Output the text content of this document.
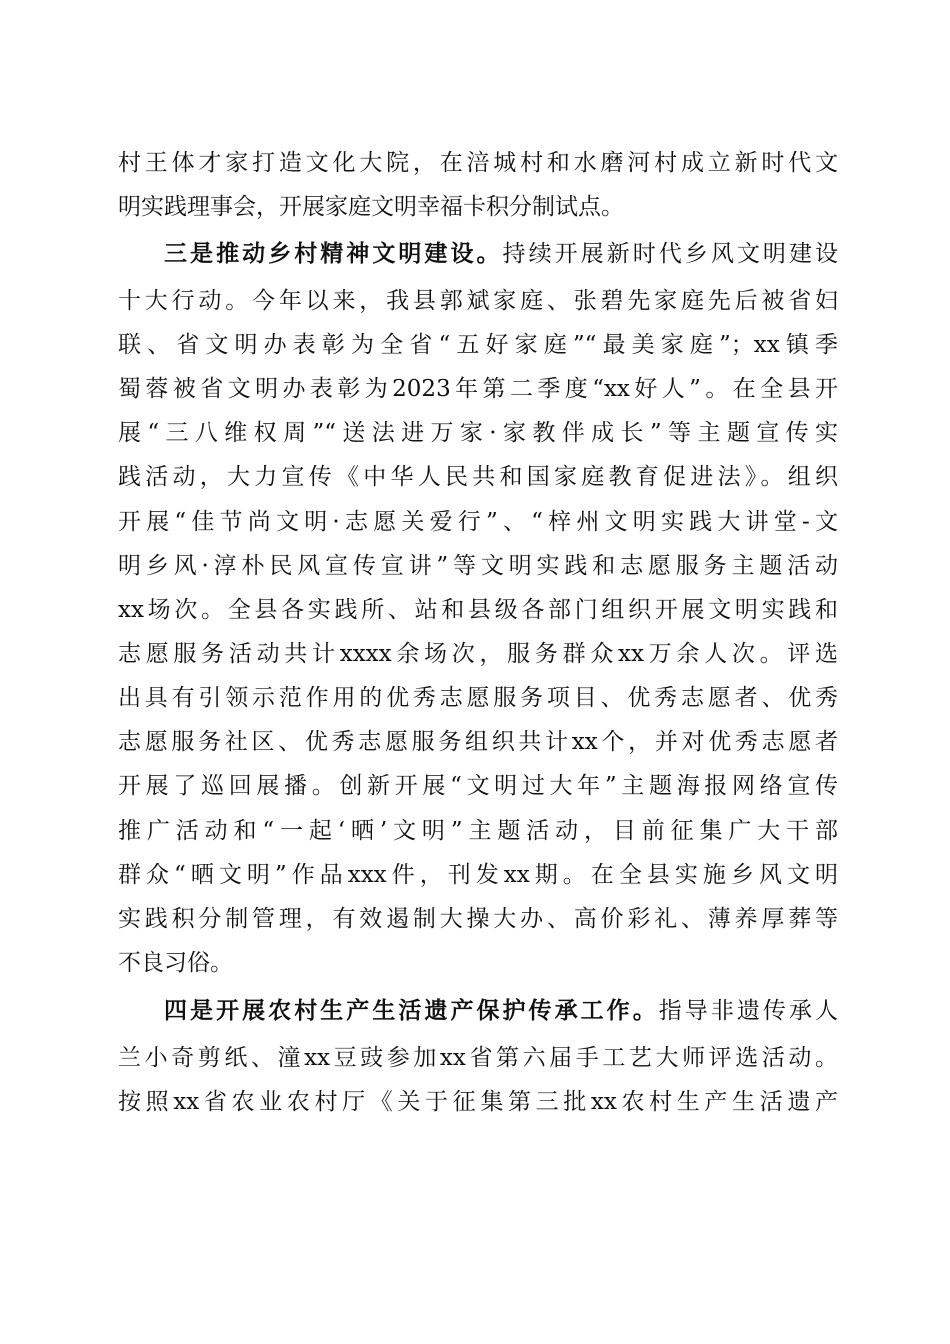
村王体才家打造文化大院，在涪城村和水磨河村成立新时代文
明实践理事会，开展家庭文明幸福卡积分制试点。
三是推动乡村精神文明建设。持续开展新时代乡风文明建设
十大行动。今年以来，我县郭斌家庭、张碧先家庭先后被省妇
联、省文明办表彰为全省“五好家庭”“最美家庭”；xx镇季
蜀蓉被省文明办表彰为2023年第二季度“xx好人”。在全县开
展“三八维权周”“送法进万家·家教伴成长”等主题宣传实
践活动，大力宣传《中华人民共和国家庭教育促进法》。组织
开展“佳节尚文明·志愿关爱行”、“梓州文明实践大讲堂-文
明乡风·淳朴民风宣传宣讲”等文明实践和志愿服务主题活动
xx场次。全县各实践所、站和县级各部门组织开展文明实践和
志愿服务活动共计xxxx余场次，服务群众xx万余人次。评选
出具有引领示范作用的优秀志愿服务项目、优秀志愿者、优秀
志愿服务社区、优秀志愿服务组织共计xx个，并对优秀志愿者
开展了巡回展播。创新开展“文明过大年”主题海报网络宣传
推广活动和“一起‘晒’文明”主题活动，目前征集广大干部
群众“晒文明”作品xxx件，刊发xx期。在全县实施乡风文明
实践积分制管理，有效遏制大操大办、高价彩礼、薄养厚葬等
不良习俗。
四是开展农村生产生活遗产保护传承工作。指导非遗传承人
兰小奇剪纸、潼xx豆豉参加xx省第六届手工艺大师评选活动。
按照xx省农业农村厅《关于征集第三批xx农村生产生活遗产
